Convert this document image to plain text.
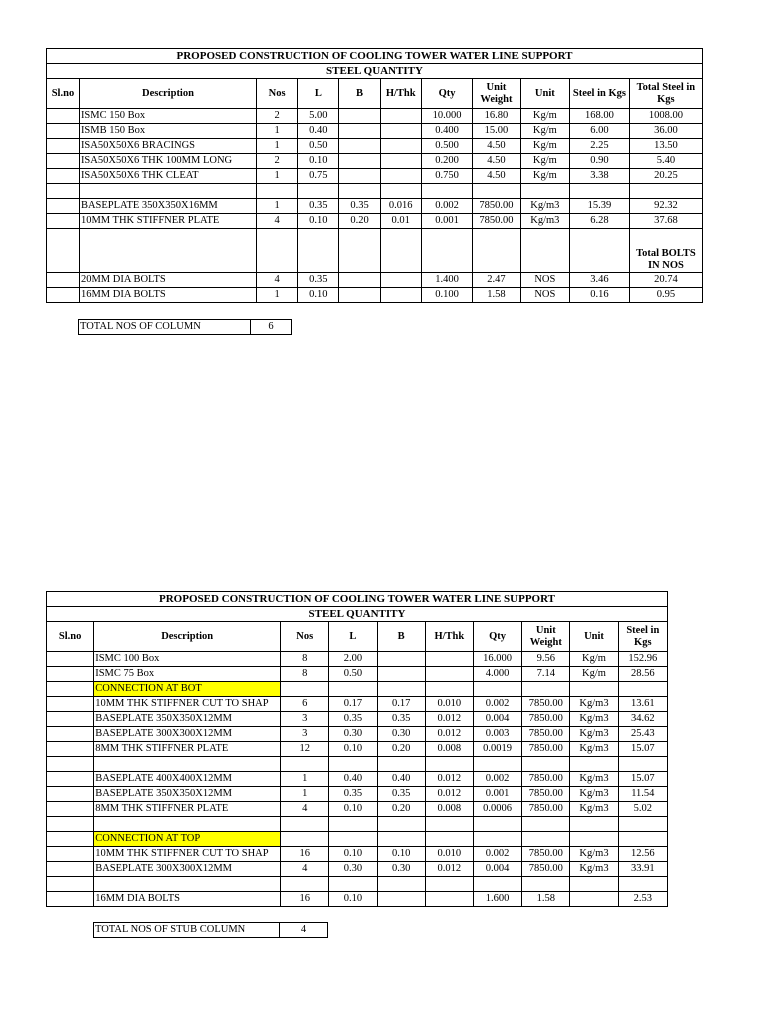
PROPOSED CONSTRUCTION OF COOLING TOWER WATER LINE SUPPORT										
STEEL QUANTITY										
Sl.no	Description	Nos	L	B	H/Thk	Qty	Unit Weight	Unit	Steel in Kgs	Total Steel in Kgs
	ISMC 150 Box	2	5.00			10.000	16.80	Kg/m	168.00	1008.00
	ISMB 150 Box	1	0.40			0.400	15.00	Kg/m	6.00	36.00
	ISA50X50X6 BRACINGS	1	0.50			0.500	4.50	Kg/m	2.25	13.50
	ISA50X50X6 THK 100MM LONG	2	0.10			0.200	4.50	Kg/m	0.90	5.40
	ISA50X50X6 THK CLEAT	1	0.75			0.750	4.50	Kg/m	3.38	20.25

	BASEPLATE 350X350X16MM	1	0.35	0.35	0.016	0.002	7850.00	Kg/m3	15.39	92.32
	10MM THK STIFFNER PLATE	4	0.10	0.20	0.01	0.001	7850.00	Kg/m3	6.28	37.68
										Total BOLTS IN NOS
	20MM DIA BOLTS	4	0.35			1.400	2.47	NOS	3.46	20.74
	16MM DIA BOLTS	1	0.10			0.100	1.58	NOS	0.16	0.95
TOTAL NOS OF COLUMN	6
PROPOSED CONSTRUCTION OF COOLING TOWER WATER LINE SUPPORT									
STEEL QUANTITY									
Sl.no	Description	Nos	L	B	H/Thk	Qty	Unit Weight	Unit	Steel in Kgs
	ISMC 100 Box	8	2.00			16.000	9.56	Kg/m	152.96
	ISMC 75 Box	8	0.50			4.000	7.14	Kg/m	28.56
	CONNECTION AT BOT								
	10MM THK STIFFNER CUT TO SHAP	6	0.17	0.17	0.010	0.002	7850.00	Kg/m3	13.61
	BASEPLATE 350X350X12MM	3	0.35	0.35	0.012	0.004	7850.00	Kg/m3	34.62
	BASEPLATE 300X300X12MM	3	0.30	0.30	0.012	0.003	7850.00	Kg/m3	25.43
	8MM THK STIFFNER PLATE	12	0.10	0.20	0.008	0.0019	7850.00	Kg/m3	15.07

	BASEPLATE 400X400X12MM	1	0.40	0.40	0.012	0.002	7850.00	Kg/m3	15.07
	BASEPLATE 350X350X12MM	1	0.35	0.35	0.012	0.001	7850.00	Kg/m3	11.54
	8MM THK STIFFNER PLATE	4	0.10	0.20	0.008	0.0006	7850.00	Kg/m3	5.02

	CONNECTION AT TOP								
	10MM THK STIFFNER CUT TO SHAP	16	0.10	0.10	0.010	0.002	7850.00	Kg/m3	12.56
	BASEPLATE 300X300X12MM	4	0.30	0.30	0.012	0.004	7850.00	Kg/m3	33.91

	16MM DIA BOLTS	16	0.10			1.600	1.58		2.53
TOTAL NOS OF STUB COLUMN	4
